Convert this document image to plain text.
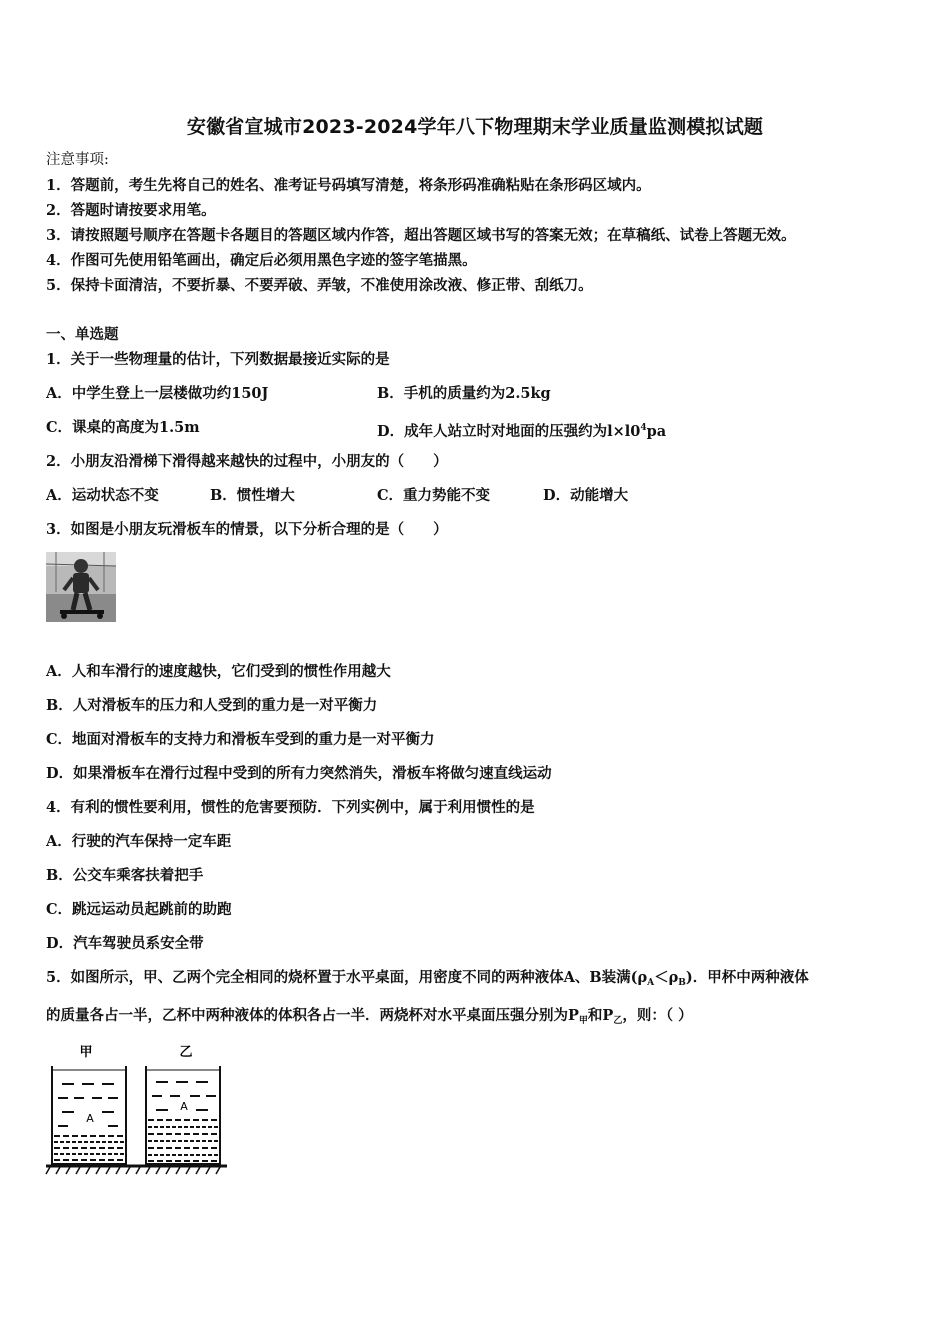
安徽省宣城市2023-2024学年八下物理期末学业质量监测模拟试题
注意事项:
1．答题前，考生先将自己的姓名、准考证号码填写清楚，将条形码准确粘贴在条形码区域内。
2．答题时请按要求用笔。
3．请按照题号顺序在答题卡各题目的答题区域内作答，超出答题区域书写的答案无效；在草稿纸、试卷上答题无效。
4．作图可先使用铅笔画出，确定后必须用黑色字迹的签字笔描黑。
5．保持卡面清洁，不要折暴、不要弄破、弄皱，不准使用涂改液、修正带、刮纸刀。
一、单选题
1．关于一些物理量的估计，下列数据最接近实际的是
A．中学生登上一层楼做功约150J	B．手机的质量约为2.5kg
C．课桌的高度为1.5m	D．成年人站立时对地面的压强约为$l\times l0^4pa$
2．小朋友沿滑梯下滑得越来越快的过程中，小朋友的（　　）
A．运动状态不变	B．惯性增大	C．重力势能不变	D．动能增大
3．如图是小朋友玩滑板车的情景，以下分析合理的是（　　）
A．人和车滑行的速度越快，它们受到的惯性作用越大
B．人对滑板车的压力和人受到的重力是一对平衡力
C．地面对滑板车的支持力和滑板车受到的重力是一对平衡力
D．如果滑板车在滑行过程中受到的所有力突然消失，滑板车将做匀速直线运动
4．有利的惯性要利用，惯性的危害要预防．下列实例中，属于利用惯性的是
A．行驶的汽车保持一定车距
B．公交车乘客扶着把手
C．跳远运动员起跳前的助跑
D．汽车驾驶员系安全带
5．如图所示，甲、乙两个完全相同的烧杯置于水平桌面，用密度不同的两种液体A、B装满$(\rho_A<\rho_B)$．甲杯中两种液体
的质量各占一半，乙杯中两种液体的体积各占一半．两烧杯对水平桌面压强分别为$P_甲$和$P_乙$，则：（ ）
甲	乙
A
A
